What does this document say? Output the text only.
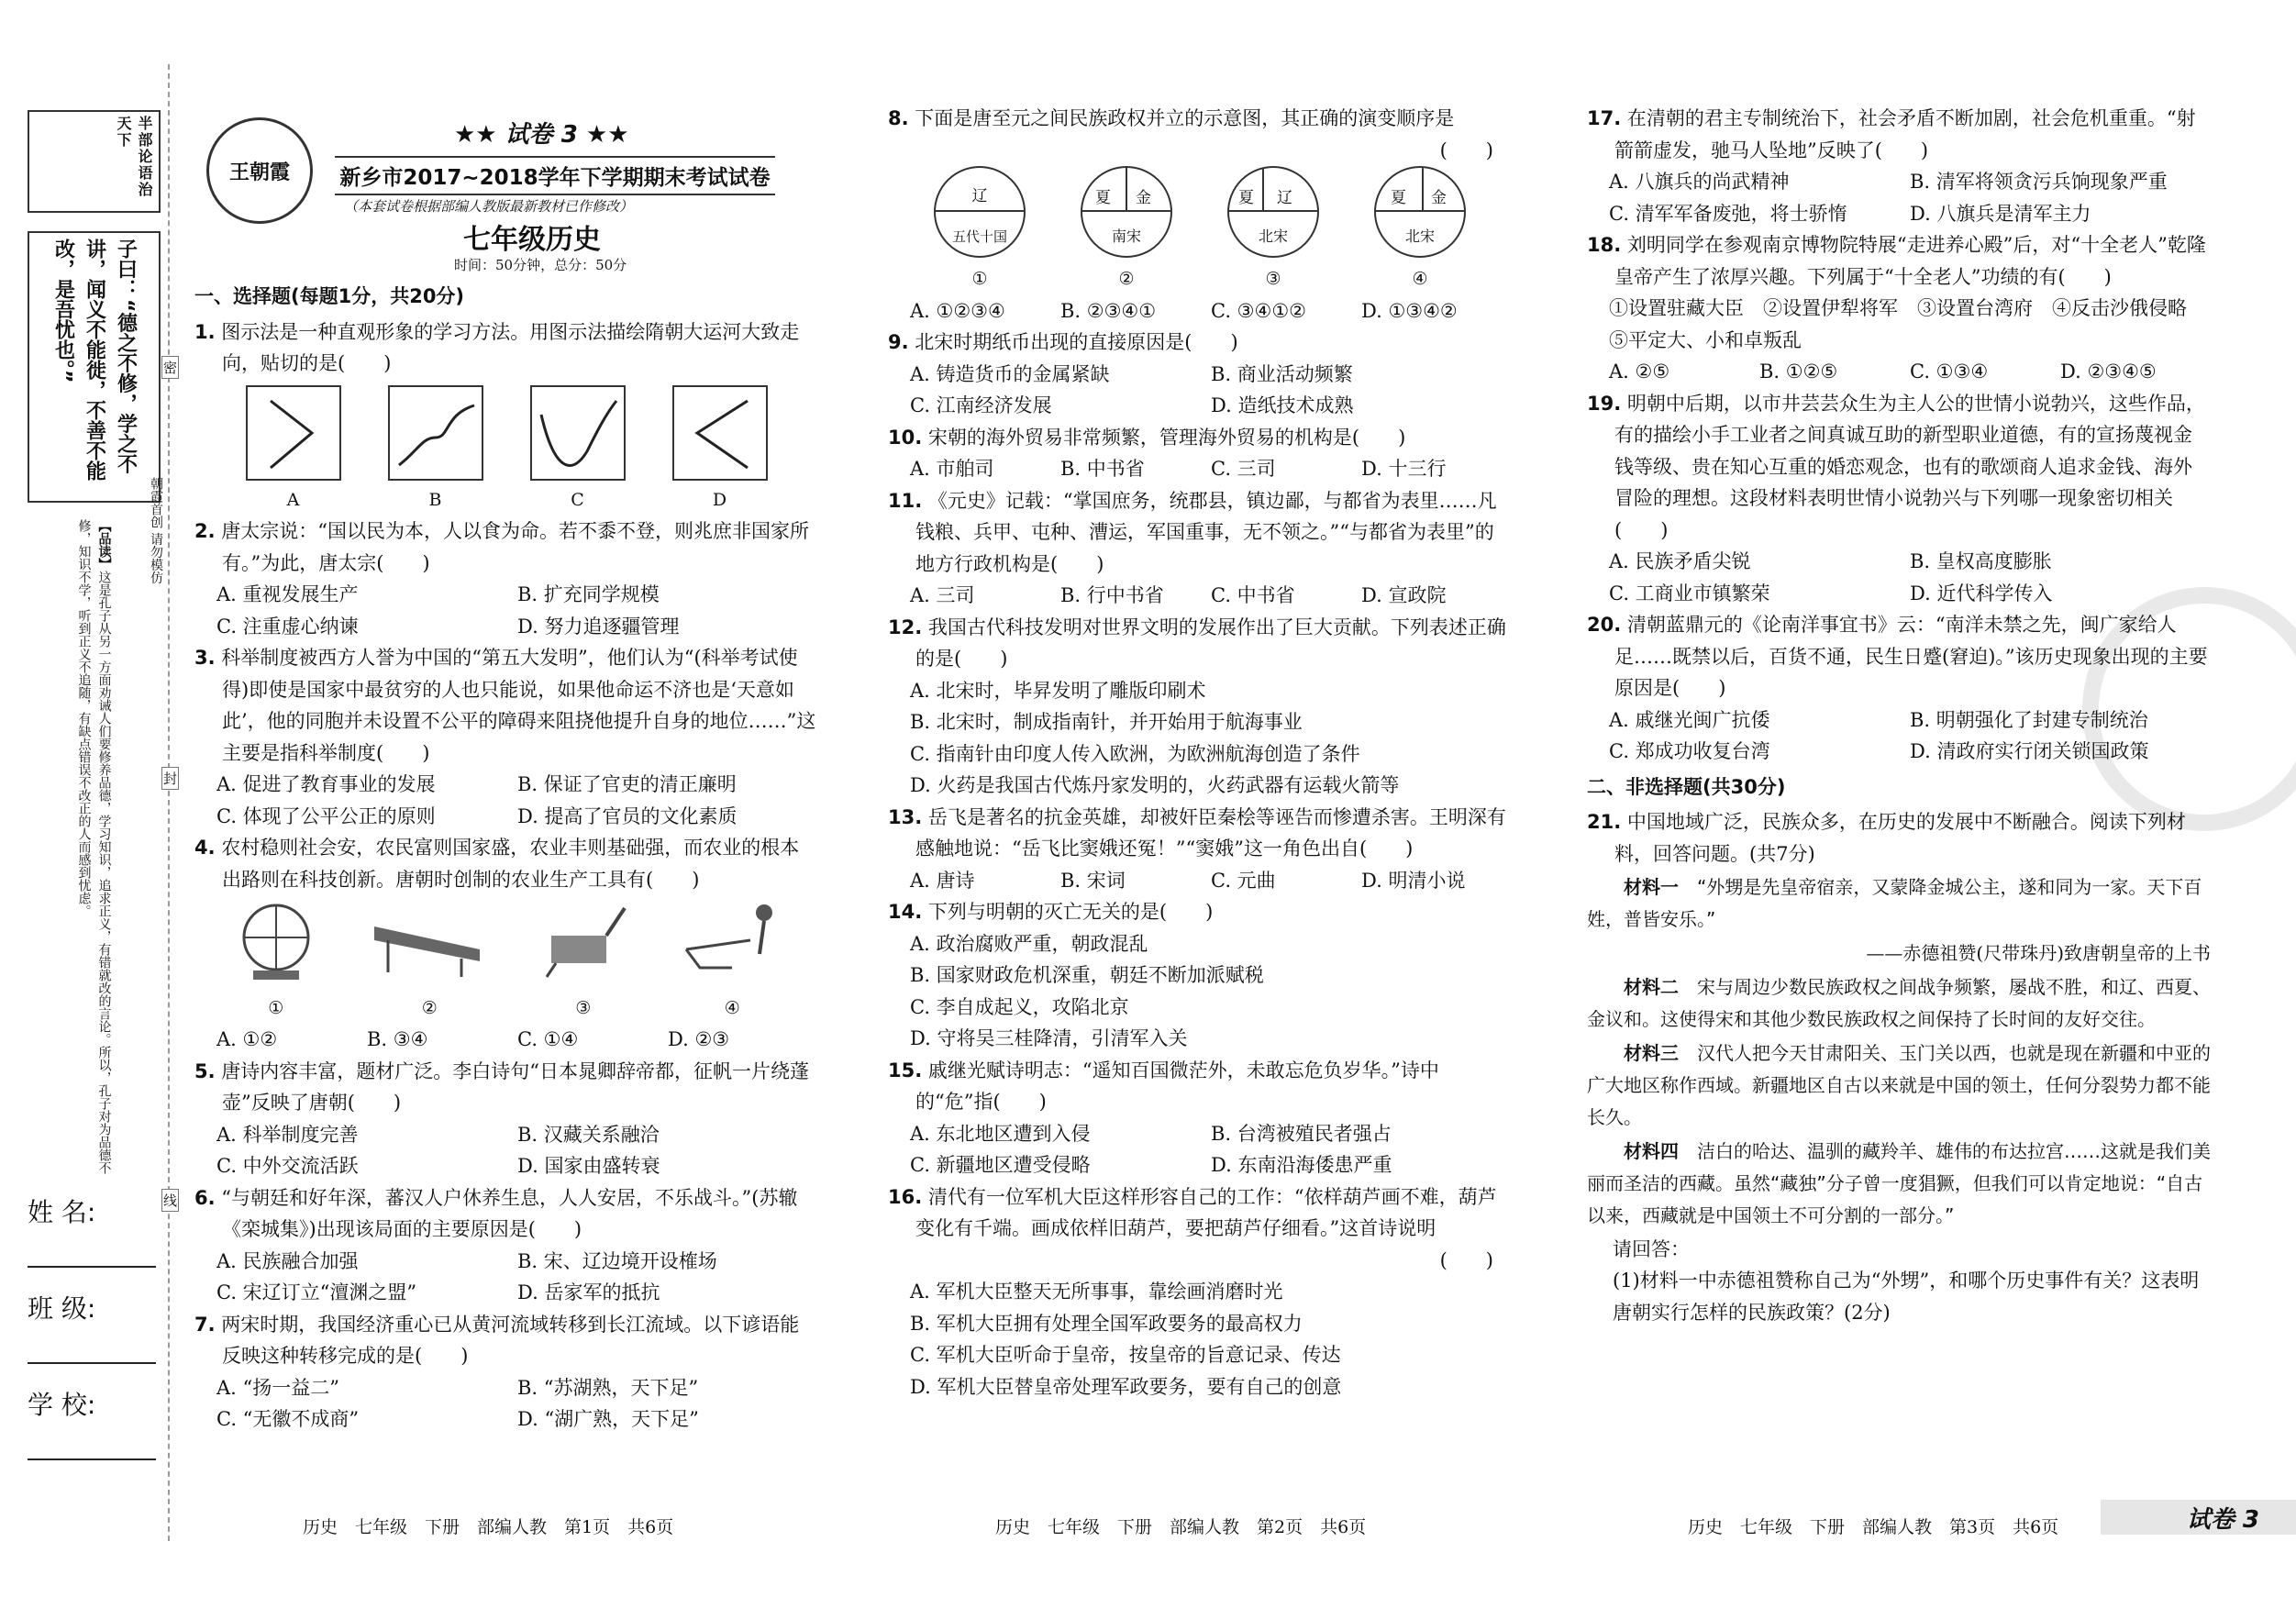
半部论语治天下
子曰：“德之不修，学之不讲，闻义不能徙，不善不能改，是吾忧也。”
【品读】这是孔子从另一方面劝诫人们要修养品德，学习知识，追求正义，有错就改的言论。所以，孔子对为品德不修，知识不学，听到正义不追随，有缺点错误不改正的人而感到忧虑。	朝霞首创 请勿模仿
密
封
线
姓 名:
班 级:
学 校:
王朝霞
★★ 试卷 3 ★★
新乡市2017~2018学年下学期期末考试试卷
（本套试卷根据部编人教版最新教材已作修改）
七年级历史
时间：50分钟，总分：50分
一、选择题(每题1分，共20分)
1. 图示法是一种直观形象的学习方法。用图示法描绘隋朝大运河大致走向，贴切的是(　　)
A	B	C	D
2. 唐太宗说：“国以民为本，人以食为命。若不黍不登，则兆庶非国家所有。”为此，唐太宗(　　)
A. 重视发展生产	B. 扩充同学规模
C. 注重虚心纳谏	D. 努力追逐疆管理
3. 科举制度被西方人誉为中国的“第五大发明”，他们认为“(科举考试使得)即使是国家中最贫穷的人也只能说，如果他命运不济也是‘天意如此’，他的同胞并未设置不公平的障碍来阻挠他提升自身的地位……”这主要是指科举制度(　　)
A. 促进了教育事业的发展	B. 保证了官吏的清正廉明
C. 体现了公平公正的原则	D. 提高了官员的文化素质
4. 农村稳则社会安，农民富则国家盛，农业丰则基础强，而农业的根本出路则在科技创新。唐朝时创制的农业生产工具有(　　)
①	②	③	④
A. ①②	B. ③④	C. ①④	D. ②③
5. 唐诗内容丰富，题材广泛。李白诗句“日本晁卿辞帝都，征帆一片绕蓬壶”反映了唐朝(　　)
A. 科举制度完善	B. 汉藏关系融洽
C. 中外交流活跃	D. 国家由盛转衰
6. “与朝廷和好年深，蕃汉人户休养生息，人人安居，不乐战斗。”(苏辙《栾城集》)出现该局面的主要原因是(　　)
A. 民族融合加强	B. 宋、辽边境开设榷场
C. 宋辽订立“澶渊之盟”	D. 岳家军的抵抗
7. 两宋时期，我国经济重心已从黄河流域转移到长江流域。以下谚语能反映这种转移完成的是(　　)
A. “扬一益二”	B. “苏湖熟，天下足”
C. “无徽不成商”	D. “湖广熟，天下足”
历史　七年级　下册　部编人教　第1页　共6页
8. 下面是唐至元之间民族政权并立的示意图，其正确的演变顺序是
(　　)
辽
五代十国
①
夏 金
南宋
②
夏 辽
北宋
③
夏 金
北宋
④
A. ①②③④	B. ②③④①	C. ③④①②	D. ①③④②
9. 北宋时期纸币出现的直接原因是(　　)
A. 铸造货币的金属紧缺	B. 商业活动频繁
C. 江南经济发展	D. 造纸技术成熟
10. 宋朝的海外贸易非常频繁，管理海外贸易的机构是(　　)
A. 市舶司	B. 中书省	C. 三司	D. 十三行
11. 《元史》记载：“掌国庶务，统郡县，镇边鄙，与都省为表里……凡钱粮、兵甲、屯种、漕运，军国重事，无不领之。”“与都省为表里”的地方行政机构是(　　)
A. 三司	B. 行中书省	C. 中书省	D. 宣政院
12. 我国古代科技发明对世界文明的发展作出了巨大贡献。下列表述正确的是(　　)
A. 北宋时，毕昇发明了雕版印刷术
B. 北宋时，制成指南针，并开始用于航海事业
C. 指南针由印度人传入欧洲，为欧洲航海创造了条件
D. 火药是我国古代炼丹家发明的，火药武器有运载火箭等
13. 岳飞是著名的抗金英雄，却被奸臣秦桧等诬告而惨遭杀害。王明深有感触地说：“岳飞比窦娥还冤！”“窦娥”这一角色出自(　　)
A. 唐诗	B. 宋词	C. 元曲	D. 明清小说
14. 下列与明朝的灭亡无关的是(　　)
A. 政治腐败严重，朝政混乱
B. 国家财政危机深重，朝廷不断加派赋税
C. 李自成起义，攻陷北京
D. 守将吴三桂降清，引清军入关
15. 戚继光赋诗明志：“遥知百国微茫外，未敢忘危负岁华。”诗中的“危”指(　　)
A. 东北地区遭到入侵	B. 台湾被殖民者强占
C. 新疆地区遭受侵略	D. 东南沿海倭患严重
16. 清代有一位军机大臣这样形容自己的工作：“依样葫芦画不难，葫芦变化有千端。画成依样旧葫芦，要把葫芦仔细看。”这首诗说明
(　　)
A. 军机大臣整天无所事事，靠绘画消磨时光
B. 军机大臣拥有处理全国军政要务的最高权力
C. 军机大臣听命于皇帝，按皇帝的旨意记录、传达
D. 军机大臣替皇帝处理军政要务，要有自己的创意
历史　七年级　下册　部编人教　第2页　共6页
17. 在清朝的君主专制统治下，社会矛盾不断加剧，社会危机重重。“射箭箭虚发，驰马人坠地”反映了(　　)
A. 八旗兵的尚武精神	B. 清军将领贪污兵饷现象严重
C. 清军军备废弛，将士骄惰	D. 八旗兵是清军主力
18. 刘明同学在参观南京博物院特展“走进养心殿”后，对“十全老人”乾隆皇帝产生了浓厚兴趣。下列属于“十全老人”功绩的有(　　)
①设置驻藏大臣　②设置伊犁将军　③设置台湾府　④反击沙俄侵略　⑤平定大、小和卓叛乱
A. ②⑤	B. ①②⑤	C. ①③④	D. ②③④⑤
19. 明朝中后期，以市井芸芸众生为主人公的世情小说勃兴，这些作品，有的描绘小手工业者之间真诚互助的新型职业道德，有的宣扬蔑视金钱等级、贵在知心互重的婚恋观念，也有的歌颂商人追求金钱、海外冒险的理想。这段材料表明世情小说勃兴与下列哪一现象密切相关(　　)
A. 民族矛盾尖锐	B. 皇权高度膨胀
C. 工商业市镇繁荣	D. 近代科学传入
20. 清朝蓝鼎元的《论南洋事宜书》云：“南洋未禁之先，闽广家给人足……既禁以后，百货不通，民生日蹙(窘迫)。”该历史现象出现的主要原因是(　　)
A. 戚继光闽广抗倭	B. 明朝强化了封建专制统治
C. 郑成功收复台湾	D. 清政府实行闭关锁国政策
二、非选择题(共30分)
21. 中国地域广泛，民族众多，在历史的发展中不断融合。阅读下列材料，回答问题。(共7分)

材料一　 “外甥是先皇帝宿亲，又蒙降金城公主，遂和同为一家。天下百姓，普皆安乐。”

——赤德祖赞(尺带珠丹)致唐朝皇帝的上书

材料二　 宋与周边少数民族政权之间战争频繁，屡战不胜，和辽、西夏、金议和。这使得宋和其他少数民族政权之间保持了长时间的友好交往。

材料三　 汉代人把今天甘肃阳关、玉门关以西，也就是现在新疆和中亚的广大地区称作西域。新疆地区自古以来就是中国的领土，任何分裂势力都不能长久。

材料四　 洁白的哈达、温驯的藏羚羊、雄伟的布达拉宫……这就是我们美丽而圣洁的西藏。虽然“藏独”分子曾一度猖獗，但我们可以肯定地说：“自古以来，西藏就是中国领土不可分割的一部分。”

请回答：
(1)材料一中赤德祖赞称自己为“外甥”，和哪个历史事件有关？这表明唐朝实行怎样的民族政策？(2分)
历史　七年级　下册　部编人教　第3页　共6页	试卷 3
